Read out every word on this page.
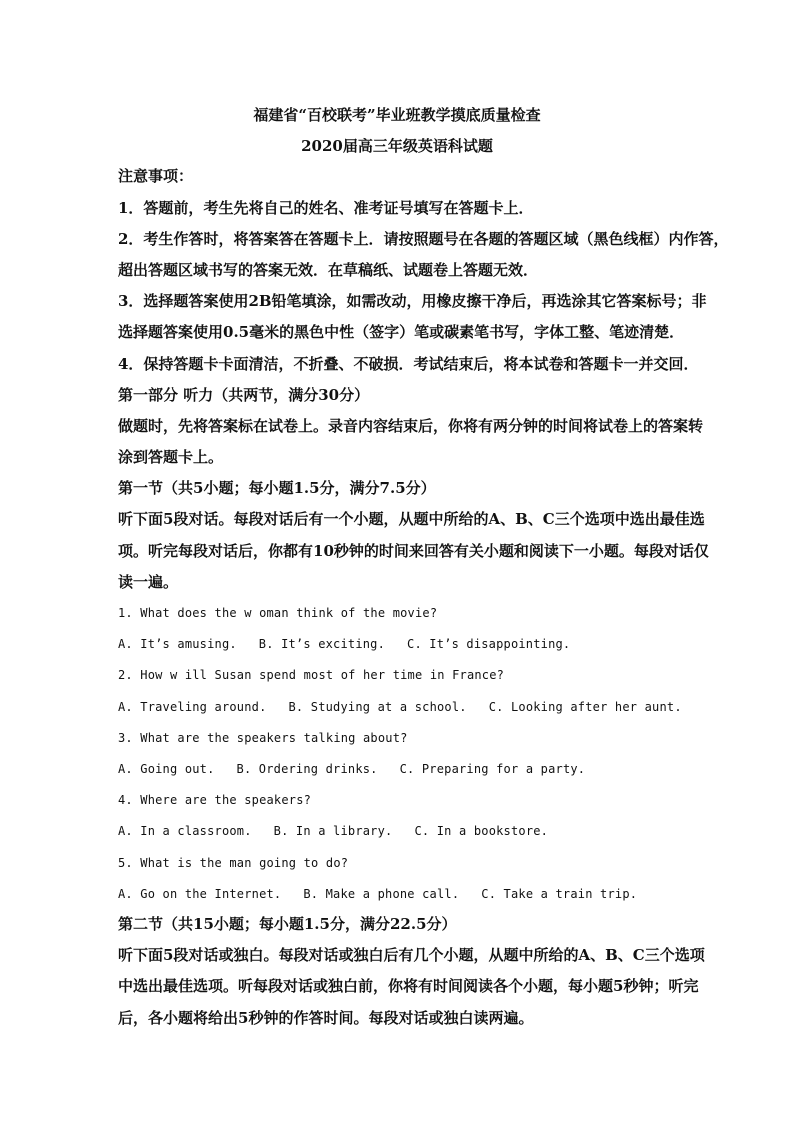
福建省“百校联考”毕业班教学摸底质量检查
2020届高三年级英语科试题
注意事项：
1．答题前，考生先将自己的姓名、准考证号填写在答题卡上．
2．考生作答时，将答案答在答题卡上．请按照题号在各题的答题区域（黑色线框）内作答，
超出答题区域书写的答案无效．在草稿纸、试题卷上答题无效．
3．选择题答案使用2B铅笔填涂，如需改动，用橡皮擦干净后，再选涂其它答案标号；非
选择题答案使用0.5毫米的黑色中性（签字）笔或碳素笔书写，字体工整、笔迹清楚．
4．保持答题卡卡面清洁，不折叠、不破损．考试结束后，将本试卷和答题卡一并交回．
第一部分 听力（共两节，满分30分）
做题时，先将答案标在试卷上。录音内容结束后，你将有两分钟的时间将试卷上的答案转
涂到答题卡上。
第一节（共5小题；每小题1.5分，满分7.5分）
听下面5段对话。每段对话后有一个小题，从题中所给的A、B、C三个选项中选出最佳选
项。听完每段对话后，你都有10秒钟的时间来回答有关小题和阅读下一小题。每段对话仅
读一遍。
1. What does the w oman think of the movie?
A. It’s amusing. B. It’s exciting. C. It’s disappointing.
2. How w ill Susan spend most of her time in France?
A. Traveling around. B. Studying at a school. C. Looking after her aunt.
3. What are the speakers talking about?
A. Going out. B. Ordering drinks. C. Preparing for a party.
4. Where are the speakers?
A. In a classroom. B. In a library. C. In a bookstore.
5. What is the man going to do?
A. Go on the Internet. B. Make a phone call. C. Take a train trip.
第二节（共15小题；每小题1.5分，满分22.5分）
听下面5段对话或独白。每段对话或独白后有几个小题，从题中所给的A、B、C三个选项
中选出最佳选项。听每段对话或独白前，你将有时间阅读各个小题，每小题5秒钟；听完
后，各小题将给出5秒钟的作答时间。每段对话或独白读两遍。
